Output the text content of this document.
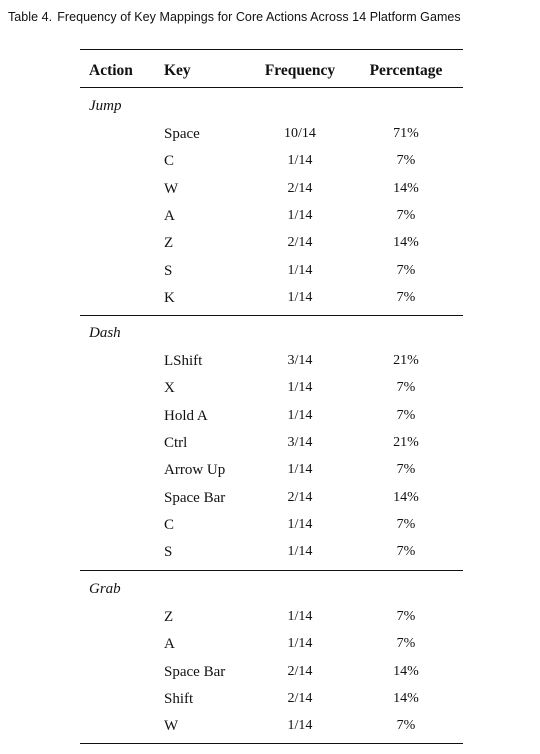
Table 4. Frequency of Key Mappings for Core Actions Across 14 Platform Games
Action Key	Frequency	Percentage
Jump
Space	10/14	71%
C	1/14	7%
W	2/14	14%
A	1/14	7%
Z	2/14	14%
S	1/14	7%
K	1/14	7%
Dash
LShift	3/14	21%
X	1/14	7%
Hold A	1/14	7%
Ctrl	3/14	21%
Arrow Up	1/14	7%
Space Bar	2/14	14%
C	1/14	7%
S	1/14	7%
Grab
Z	1/14	7%
A	1/14	7%
Space Bar	2/14	14%
Shift	2/14	14%
W	1/14	7%
